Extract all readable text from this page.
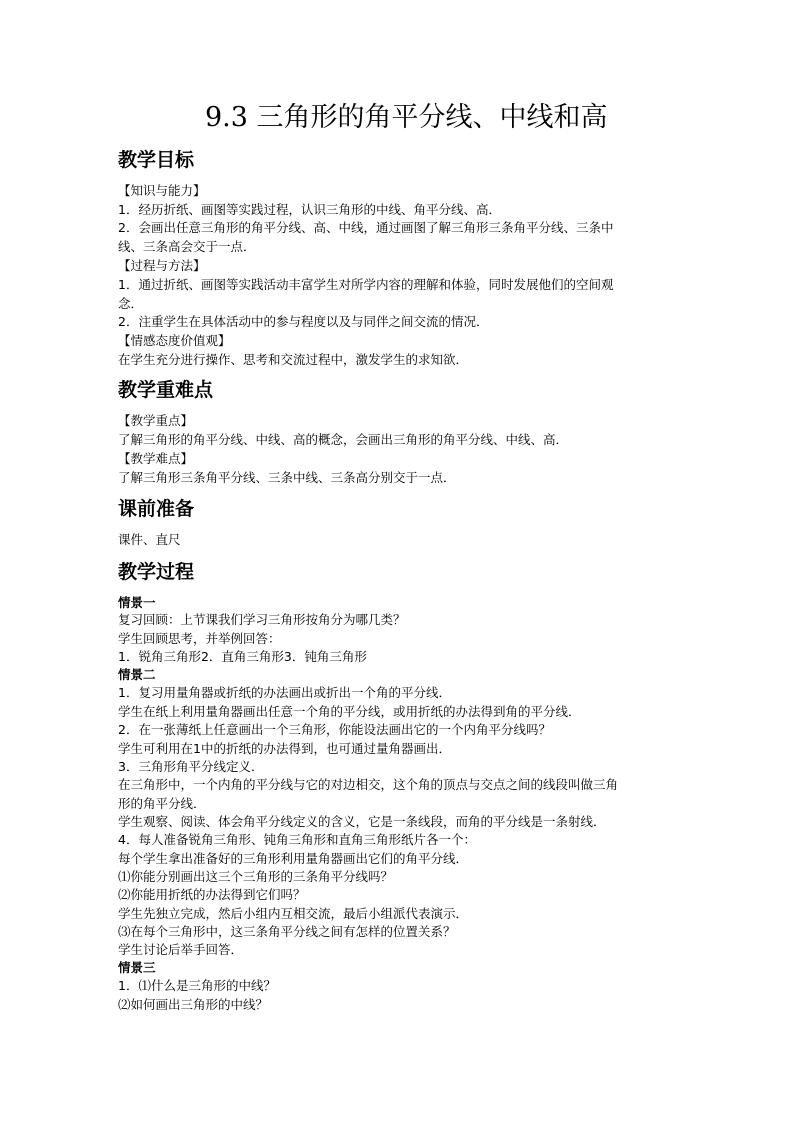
9.3 三角形的角平分线、中线和高
教学目标
【知识与能力】
1．经历折纸、画图等实践过程，认识三角形的中线、角平分线、高．
2．会画出任意三角形的角平分线、高、中线，通过画图了解三角形三条角平分线、三条中
线、三条高会交于一点．
【过程与方法】
1．通过折纸、画图等实践活动丰富学生对所学内容的理解和体验，同时发展他们的空间观
念．
2．注重学生在具体活动中的参与程度以及与同伴之间交流的情况．
【情感态度价值观】
在学生充分进行操作、思考和交流过程中，激发学生的求知欲．
教学重难点
【教学重点】
了解三角形的角平分线、中线、高的概念，会画出三角形的角平分线、中线、高．
【教学难点】
了解三角形三条角平分线、三条中线、三条高分别交于一点．
课前准备
课件、直尺
教学过程
情景一
复习回顾：上节课我们学习三角形按角分为哪几类？
学生回顾思考，并举例回答：
1．锐角三角形2．直角三角形3．钝角三角形
情景二
1．复习用量角器或折纸的办法画出或折出一个角的平分线．
学生在纸上利用量角器画出任意一个角的平分线，或用折纸的办法得到角的平分线．
2．在一张薄纸上任意画出一个三角形，你能设法画出它的一个内角平分线吗？
学生可利用在1中的折纸的办法得到，也可通过量角器画出．
3．三角形角平分线定义．
在三角形中，一个内角的平分线与它的对边相交，这个角的顶点与交点之间的线段叫做三角
形的角平分线．
学生观察、阅读、体会角平分线定义的含义，它是一条线段，而角的平分线是一条射线．
4．每人准备锐角三角形、钝角三角形和直角三角形纸片各一个：
每个学生拿出准备好的三角形利用量角器画出它们的角平分线．
⑴你能分别画出这三个三角形的三条角平分线吗？
⑵你能用折纸的办法得到它们吗？
学生先独立完成，然后小组内互相交流，最后小组派代表演示．
⑶在每个三角形中，这三条角平分线之间有怎样的位置关系？
学生讨论后举手回答．
情景三
1．⑴什么是三角形的中线？
⑵如何画出三角形的中线？
